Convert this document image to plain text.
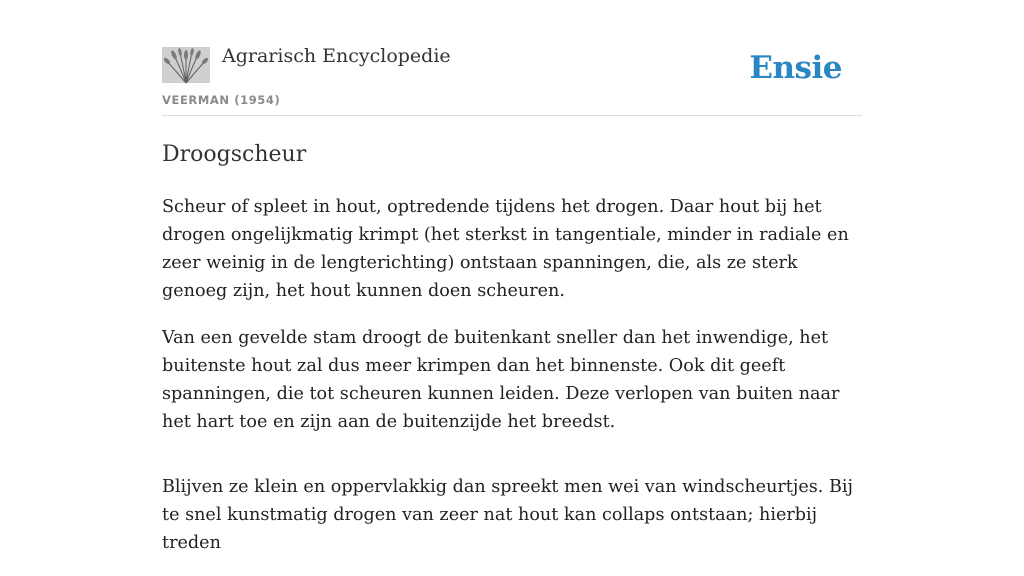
Agrarisch Encyclopedie
VEERMAN (1954)
Ensie
Droogscheur

Scheur of spleet in hout, optredende tijdens het drogen. Daar hout bij het drogen ongelijkmatig krimpt (het sterkst in tangentiale, minder in radiale en zeer weinig in de lengterichting) ontstaan spanningen, die, als ze sterk genoeg zijn, het hout kunnen doen scheuren.

Van een gevelde stam droogt de buitenkant sneller dan het inwendige, het buitenste hout zal dus meer krimpen dan het binnenste. Ook dit geeft spanningen, die tot scheuren kunnen leiden. Deze verlopen van buiten naar het hart toe en zijn aan de buitenzijde het breedst.

Blijven ze klein en oppervlakkig dan spreekt men wei van windscheurtjes. Bij te snel kunstmatig drogen van zeer nat hout kan collaps ontstaan; hierbij treden
